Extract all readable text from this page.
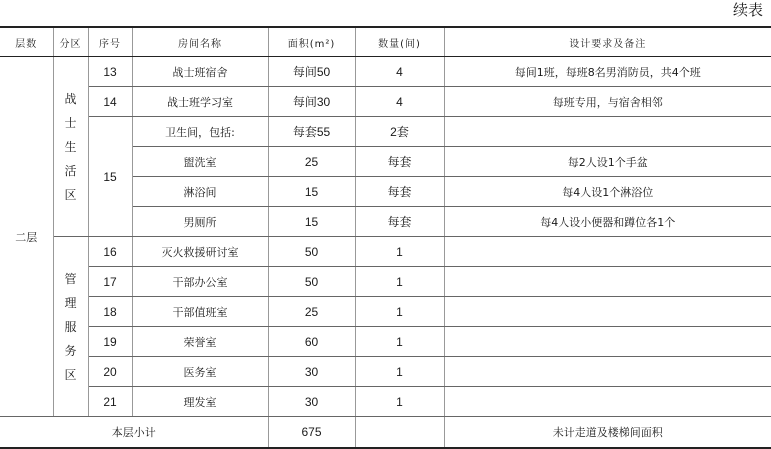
续表
层数	分区	序号	房间名称	面积(m²)	数量(间)	设计要求及备注
二层	战士生活区	13	战士班宿舍	每间50	4	每间1班，每班8名男消防员，共4个班
		14	战士班学习室	每间30	4	每班专用，与宿舍相邻
		15	卫生间，包括:	每套55	2套	
			盥洗室	25	每套	每2人设1个手盆
			淋浴间	15	每套	每4人设1个淋浴位
			男厕所	15	每套	每4人设小便器和蹲位各1个
	管理服务区	16	灭火救援研讨室	50	1	
		17	干部办公室	50	1	
		18	干部值班室	25	1	
		19	荣誉室	60	1	
		20	医务室	30	1	
		21	理发室	30	1	
本层小计				675		未计走道及楼梯间面积
